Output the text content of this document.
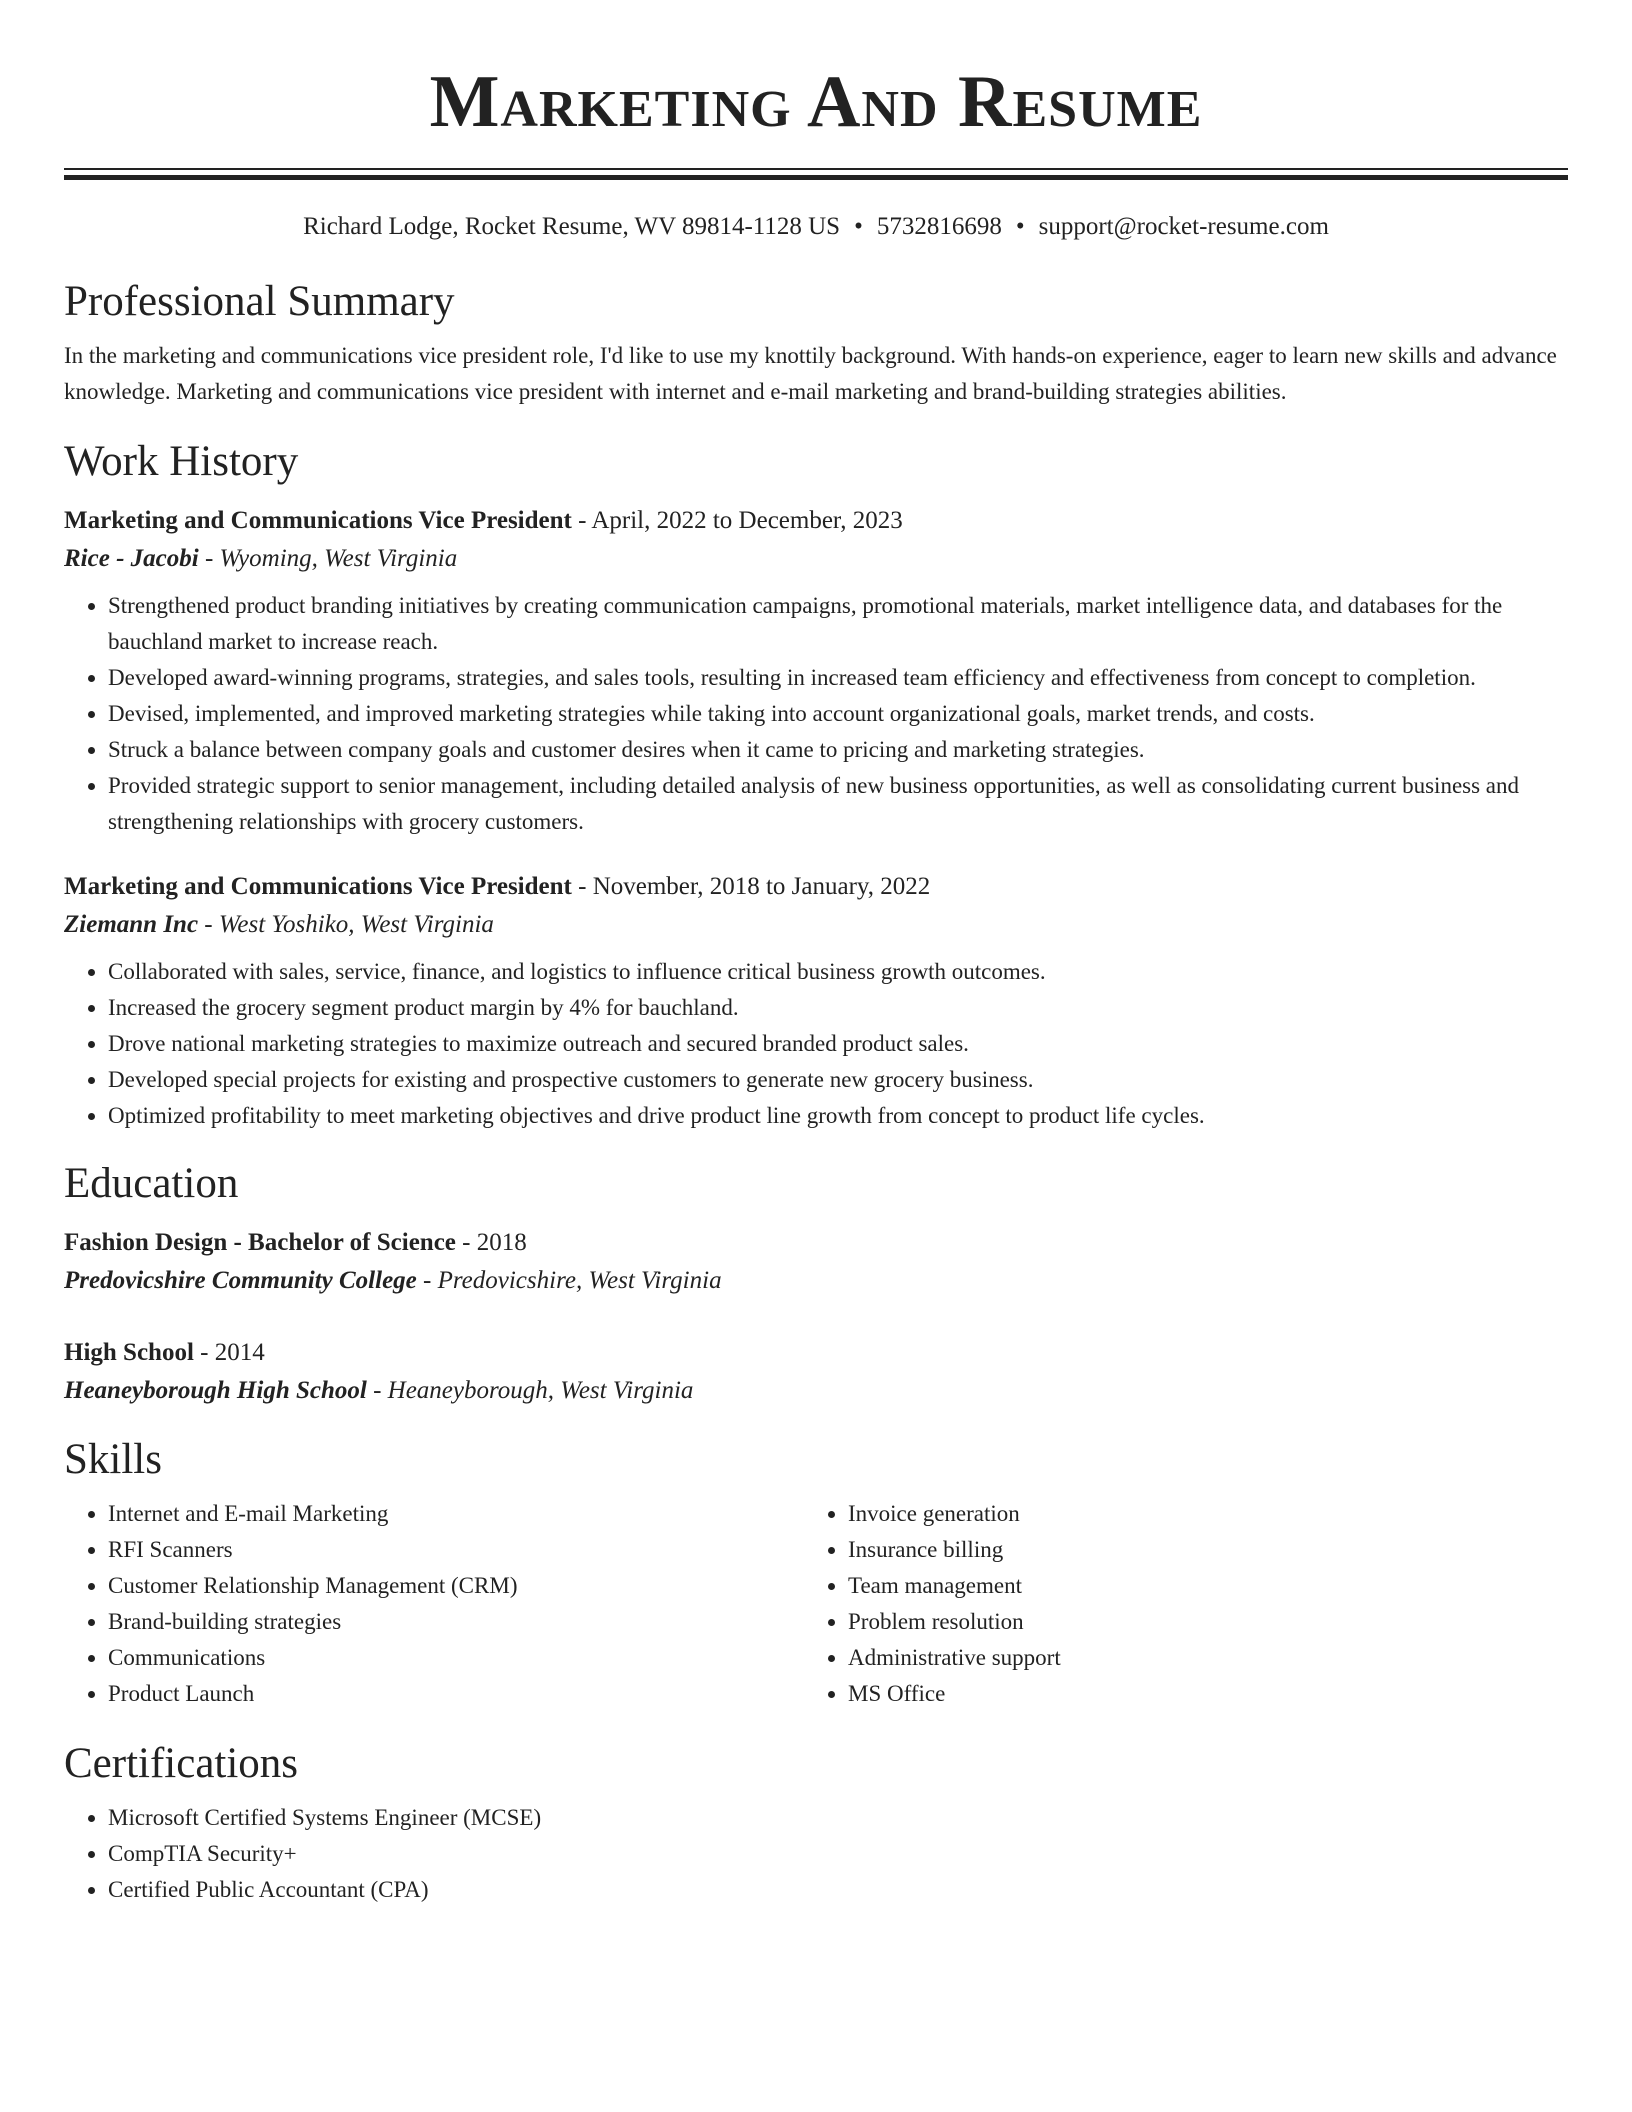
Marketing And Resume
Richard Lodge, Rocket Resume, WV 89814-1128 US • 5732816698 • support@rocket-resume.com
Professional Summary

In the marketing and communications vice president role, I'd like to use my knottily background. With hands-on experience, eager to learn new skills and advance knowledge. Marketing and communications vice president with internet and e-mail marketing and brand-building strategies abilities.

Work History
Marketing and Communications Vice President - April, 2022 to December, 2023
Rice - Jacobi - Wyoming, West Virginia
• Strengthened product branding initiatives by creating communication campaigns, promotional materials, market intelligence data, and databases for the bauchland market to increase reach.
• Developed award-winning programs, strategies, and sales tools, resulting in increased team efficiency and effectiveness from concept to completion.
• Devised, implemented, and improved marketing strategies while taking into account organizational goals, market trends, and costs.
• Struck a balance between company goals and customer desires when it came to pricing and marketing strategies.
• Provided strategic support to senior management, including detailed analysis of new business opportunities, as well as consolidating current business and strengthening relationships with grocery customers.
Marketing and Communications Vice President - November, 2018 to January, 2022
Ziemann Inc - West Yoshiko, West Virginia
• Collaborated with sales, service, finance, and logistics to influence critical business growth outcomes.
• Increased the grocery segment product margin by 4% for bauchland.
• Drove national marketing strategies to maximize outreach and secured branded product sales.
• Developed special projects for existing and prospective customers to generate new grocery business.
• Optimized profitability to meet marketing objectives and drive product line growth from concept to product life cycles.
Education
Fashion Design - Bachelor of Science - 2018
Predovicshire Community College - Predovicshire, West Virginia
High School - 2014
Heaneyborough High School - Heaneyborough, West Virginia
Skills
• Internet and E-mail Marketing
• RFI Scanners
• Customer Relationship Management (CRM)
• Brand-building strategies
• Communications
• Product Launch
• Invoice generation
• Insurance billing
• Team management
• Problem resolution
• Administrative support
• MS Office
Certifications
• Microsoft Certified Systems Engineer (MCSE)
• CompTIA Security+
• Certified Public Accountant (CPA)
